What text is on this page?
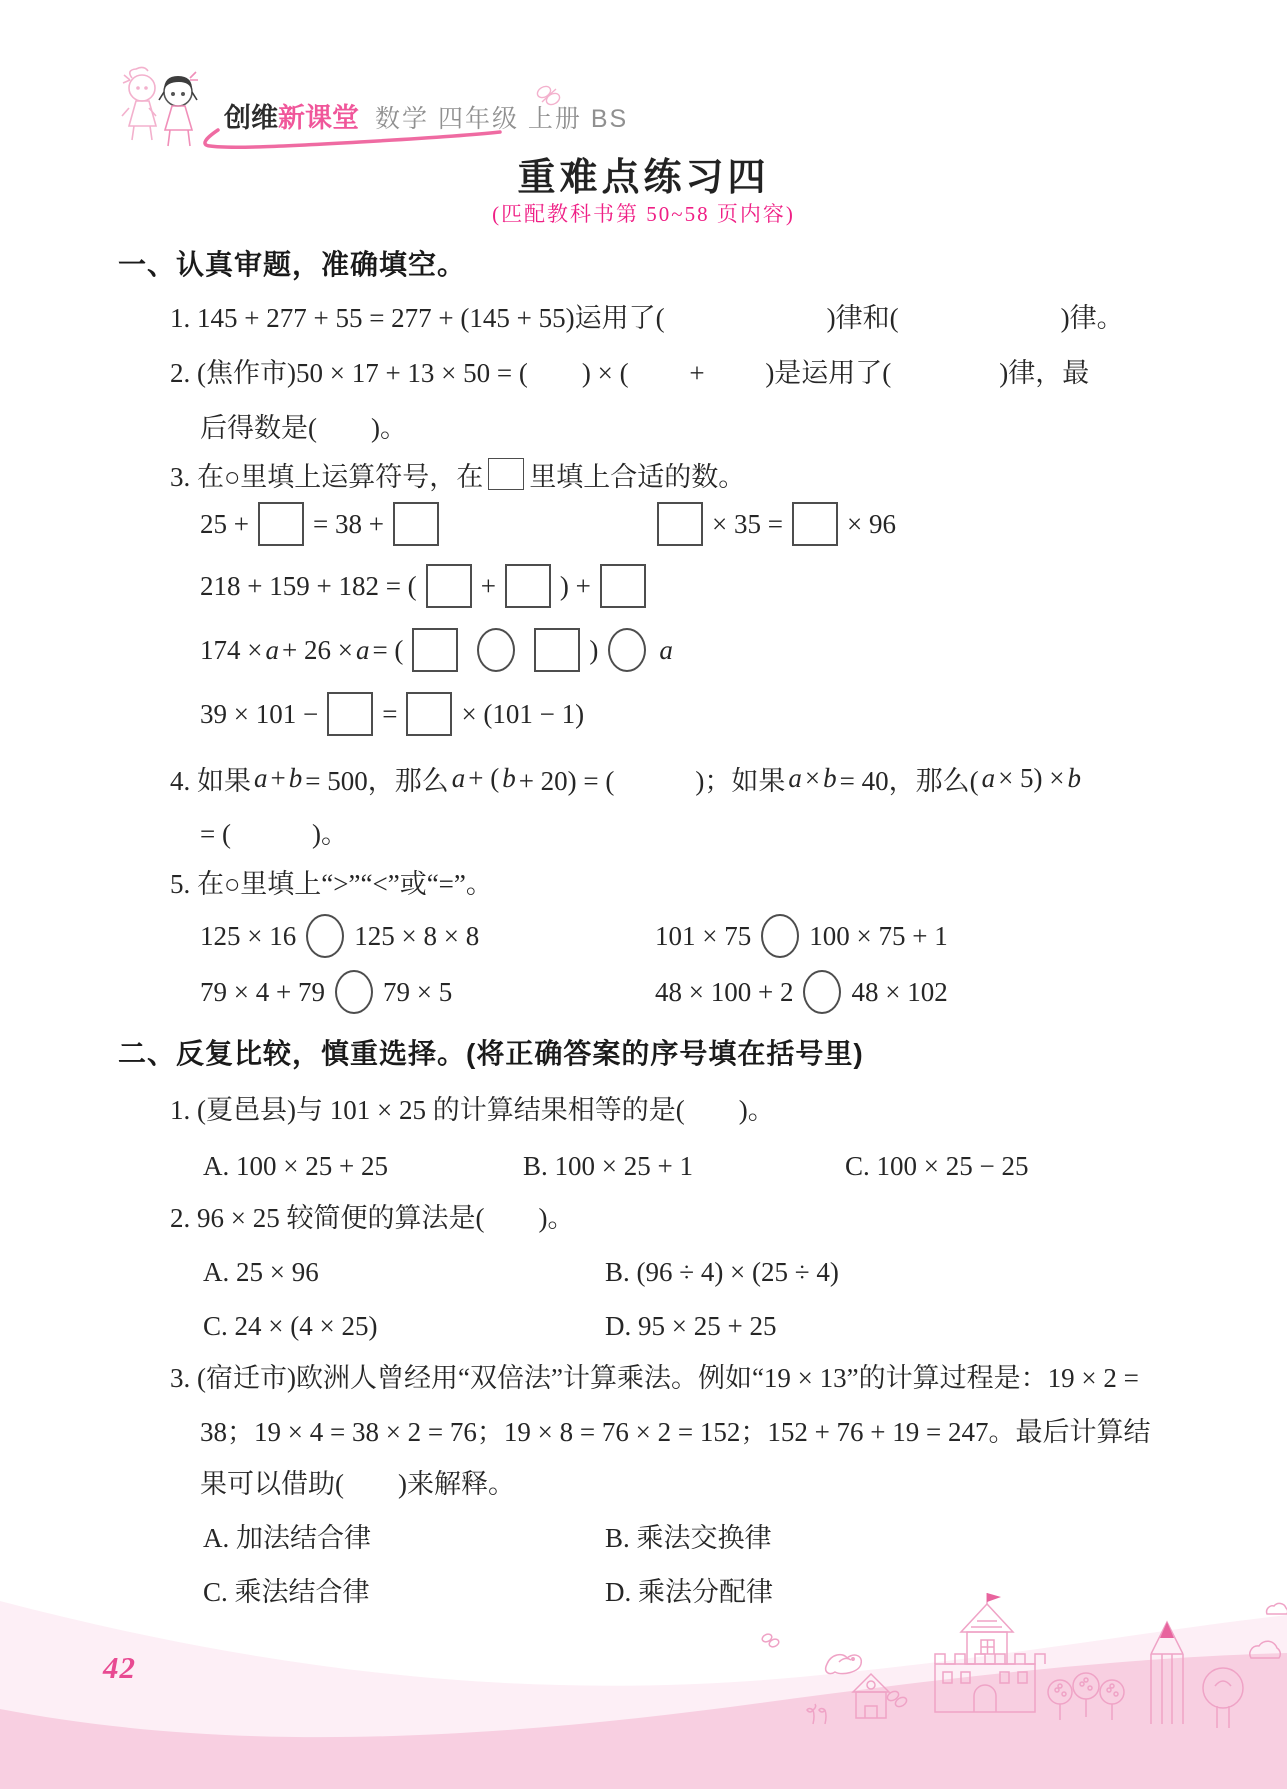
创维新课堂 数学 四年级 上册 BS
重难点练习四
(匹配教科书第 50~58 页内容)
一、认真审题，准确填空。
1. 145 + 277 + 55 = 277 + (145 + 55)运用了(　　　　　　)律和(　　　　　　)律。
2. (焦作市)50 × 17 + 13 × 50 = (　　) × (　　 + 　　)是运用了(　　　　)律，最
后得数是(　　)。
3. 在○里填上运算符号，在 里填上合适的数。
25 + = 38 +	× 35 = × 96
218 + 159 + 182 = ( + ) +
174 × a + 26 × a = (	) a
39 × 101 − = × (101 − 1)
4. 如果 a + b = 500，那么 a + ( b + 20) = (　　　)；如果 a × b = 40，那么( a × 5) × b
= (　　　)。
5. 在○里填上“>”“<”或“=”。
125 × 16 125 × 8 × 8	101 × 75 100 × 75 + 1
79 × 4 + 79 79 × 5	48 × 100 + 2 48 × 102
二、反复比较，慎重选择。(将正确答案的序号填在括号里)
1. (夏邑县)与 101 × 25 的计算结果相等的是(　　)。
A. 100 × 25 + 25	B. 100 × 25 + 1	C. 100 × 25 − 25
2. 96 × 25 较简便的算法是(　　)。
A. 25 × 96	B. (96 ÷ 4) × (25 ÷ 4)
C. 24 × (4 × 25)	D. 95 × 25 + 25
3. (宿迁市)欧洲人曾经用“双倍法”计算乘法。例如“19 × 13”的计算过程是：19 × 2 =
38；19 × 4 = 38 × 2 = 76；19 × 8 = 76 × 2 = 152；152 + 76 + 19 = 247。最后计算结
果可以借助(　　)来解释。
A. 加法结合律	B. 乘法交换律
C. 乘法结合律	D. 乘法分配律
42
